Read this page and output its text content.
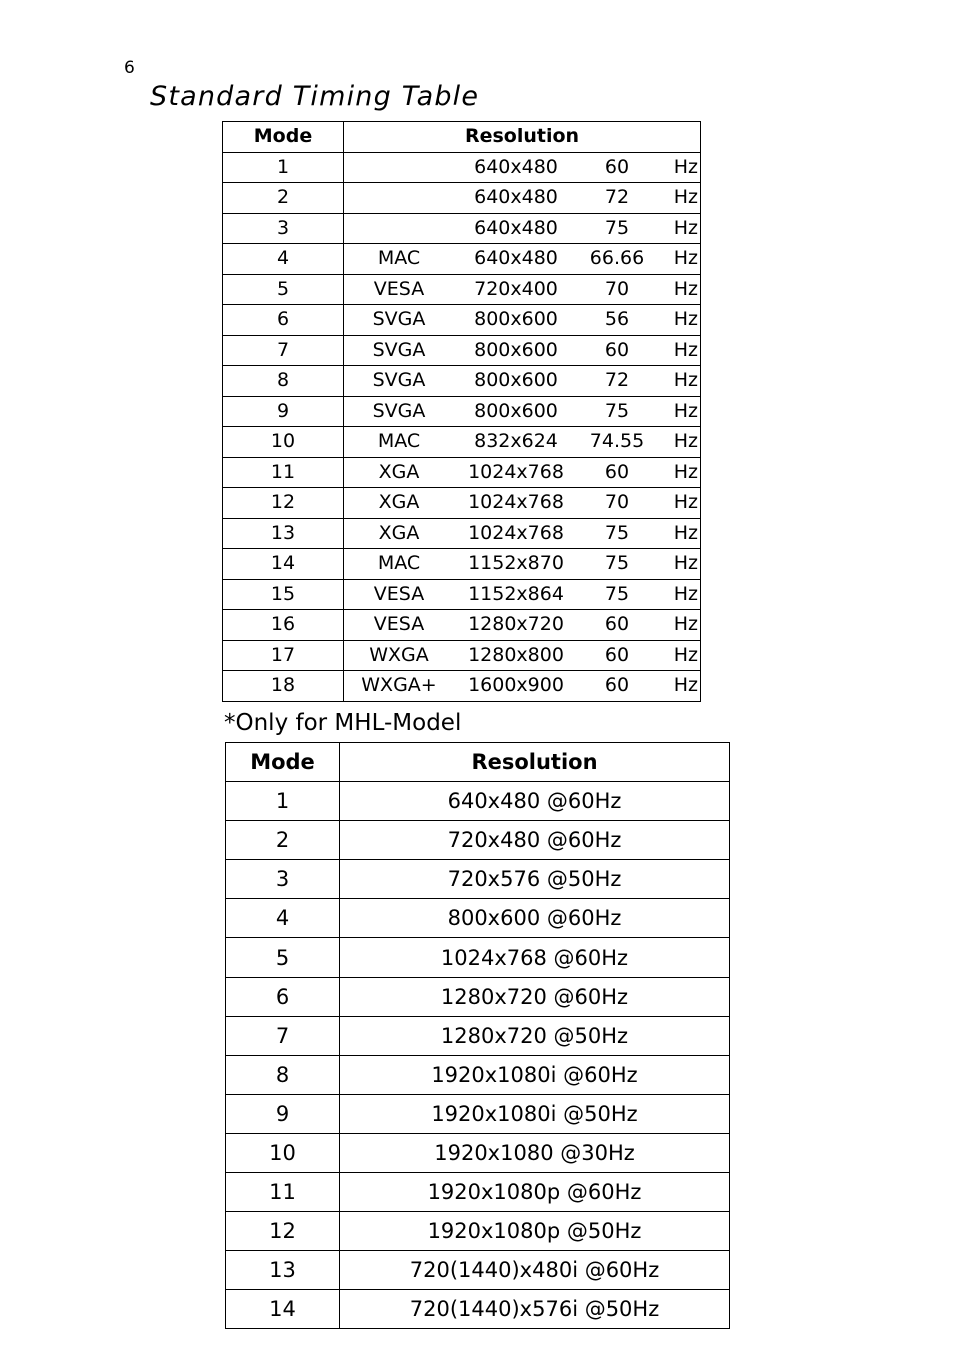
6
Standard Timing Table
Mode	Resolution

1	640x480 60 Hz

2	640x480 72 Hz

3	640x480 75 Hz

4	MAC 640x480 66.66 Hz

5	VESA 720x400 70 Hz

6	SVGA 800x600 56 Hz

7	SVGA 800x600 60 Hz

8	SVGA 800x600 72 Hz

9	SVGA 800x600 75 Hz

10	MAC 832x624 74.55 Hz

11	XGA 1024x768 60 Hz

12	XGA 1024x768 70 Hz

13	XGA 1024x768 75 Hz

14	MAC 1152x870 75 Hz

15	VESA 1152x864 75 Hz

16	VESA 1280x720 60 Hz

17	WXGA 1280x800 60 Hz

18	WXGA+ 1600x900 60 Hz
*Only for MHL-Model
Mode	Resolution
1	640x480 @60Hz
2	720x480 @60Hz
3	720x576 @50Hz
4	800x600 @60Hz
5	1024x768 @60Hz
6	1280x720 @60Hz
7	1280x720 @50Hz
8	1920x1080i @60Hz
9	1920x1080i @50Hz
10	1920x1080 @30Hz
11	1920x1080p @60Hz
12	1920x1080p @50Hz
13	720(1440)x480i @60Hz
14	720(1440)x576i @50Hz
